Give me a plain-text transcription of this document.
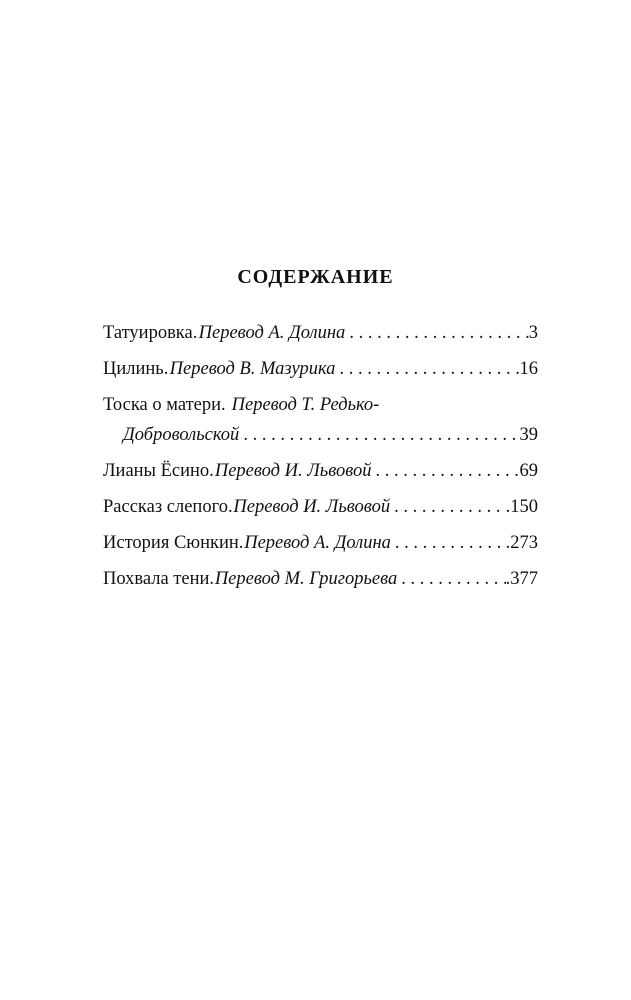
СОДЕРЖАНИЕ
Татуировка. Перевод А. Долина . . .	3
Цилинь. Перевод В. Мазурика . . .	16
Тоска о матери. Перевод Т. Редько-
Добровольской . . .	39
Лианы Ёсино. Перевод И. Львовой . . .	69
Рассказ слепого. Перевод И. Львовой . . .	.150
История Сюнкин. Перевод А. Долина . . .	.273
Похвала тени. Перевод М. Григорьева . . .	.377
